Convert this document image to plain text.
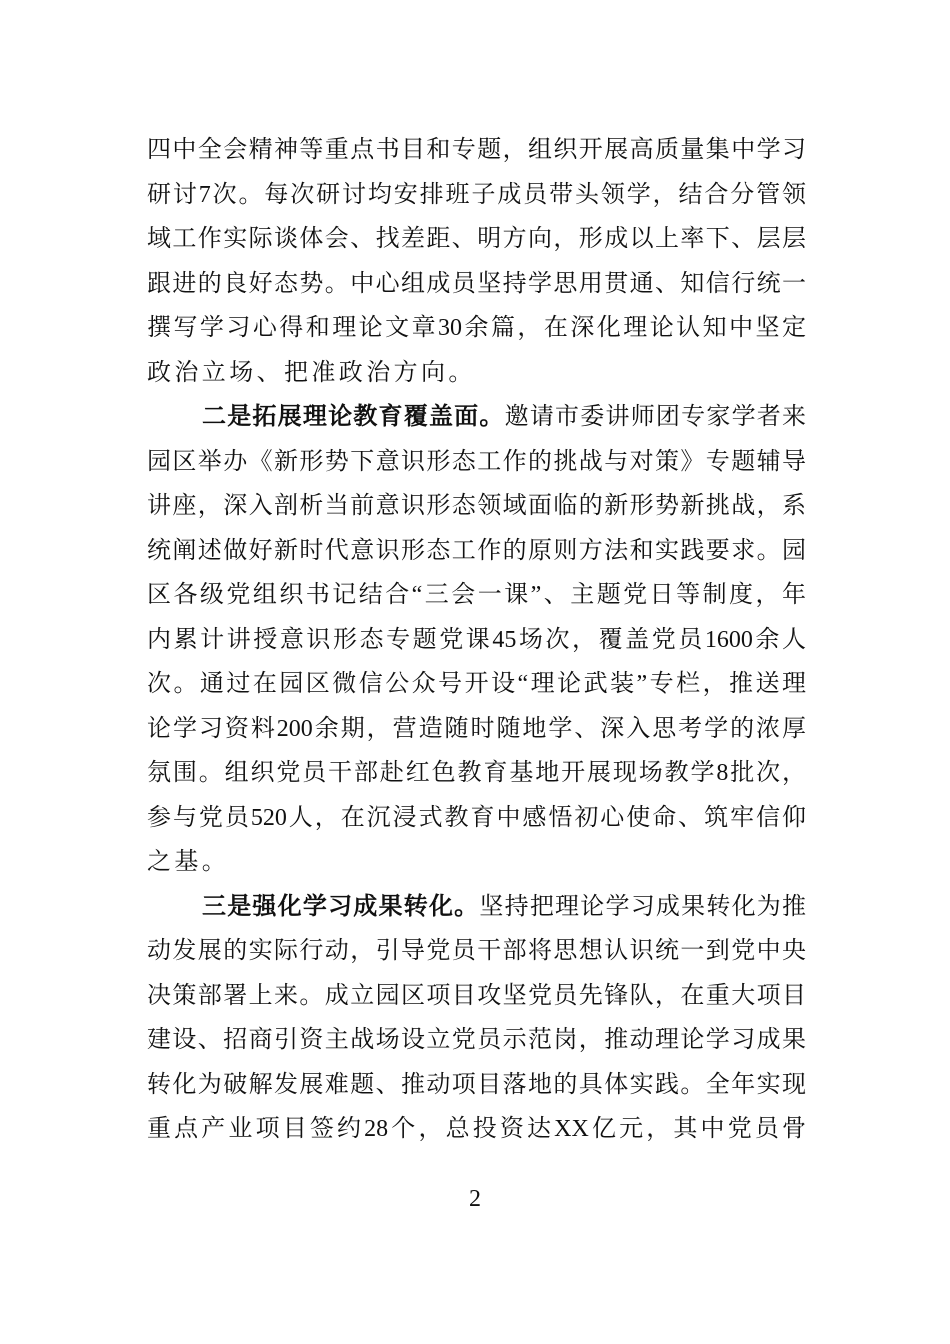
四中全会精神等重点书目和专题，组织开展高质量集中学习
研讨7次。每次研讨均安排班子成员带头领学，结合分管领
域工作实际谈体会、找差距、明方向，形成以上率下、层层
跟进的良好态势。中心组成员坚持学思用贯通、知信行统一
撰写学习心得和理论文章30余篇，在深化理论认知中坚定
政治立场、把准政治方向。
二是拓展理论教育覆盖面。邀请市委讲师团专家学者来
园区举办《新形势下意识形态工作的挑战与对策》专题辅导
讲座，深入剖析当前意识形态领域面临的新形势新挑战，系
统阐述做好新时代意识形态工作的原则方法和实践要求。园
区各级党组织书记结合“三会一课”、主题党日等制度，年
内累计讲授意识形态专题党课45场次，覆盖党员1600余人
次。通过在园区微信公众号开设“理论武装”专栏，推送理
论学习资料200余期，营造随时随地学、深入思考学的浓厚
氛围。组织党员干部赴红色教育基地开展现场教学8批次，
参与党员520人，在沉浸式教育中感悟初心使命、筑牢信仰
之基。
三是强化学习成果转化。坚持把理论学习成果转化为推
动发展的实际行动，引导党员干部将思想认识统一到党中央
决策部署上来。成立园区项目攻坚党员先锋队，在重大项目
建设、招商引资主战场设立党员示范岗，推动理论学习成果
转化为破解发展难题、推动项目落地的具体实践。全年实现
重点产业项目签约28个，总投资达XX亿元，其中党员骨
2
